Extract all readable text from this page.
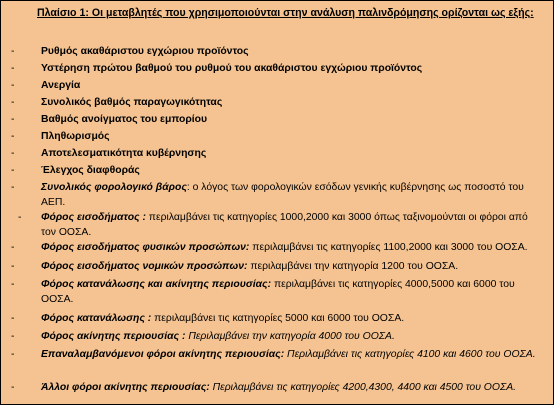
Πλαίσιο 1: Οι μεταβλητές που χρησιμοποιούνται στην ανάλυση παλινδρόμησης ορίζονται ως εξής:
-	Ρυθμός ακαθάριστου εγχώριου προϊόντος
-	Υστέρηση πρώτου βαθμού του ρυθμού του ακαθάριστου εγχώριου προϊόντος
-	Ανεργία
-	Συνολικός βαθμός παραγωγικότητας
-	Βαθμός ανοίγματος του εμπορίου
-	Πληθωρισμός
-	Αποτελεσματικότητα κυβέρνησης
-	Έλεγχος διαφθοράς
-	Συνολικός φορολογικό βάρος: ο λόγος των φορολογικών εσόδων γενικής κυβέρνησης ως ποσοστό του ΑΕΠ.
- Φόρος εισοδήματος : περιλαμβάνει τις κατηγορίες 1000,2000 και 3000 όπως ταξινομούνται οι φόροι από τον ΟΟΣΑ.
-	Φόρος εισοδήματος φυσικών προσώπων: περιλαμβάνει τις κατηγορίες 1100,2000 και 3000 του ΟΟΣΑ.
-	Φόρος εισοδήματος νομικών προσώπων: περιλαμβάνει την κατηγορία 1200 του ΟΟΣΑ.
-	Φόρος κατανάλωσης και ακίνητης περιουσίας: περιλαμβάνει τις κατηγορίες 4000,5000 και 6000 του ΟΟΣΑ.
-	Φόρος κατανάλωσης : περιλαμβάνει τις κατηγορίες 5000 και 6000 του ΟΟΣΑ.
-	Φόρος ακίνητης περιουσίας : Περιλαμβάνει την κατηγορία 4000 του ΟΟΣΑ.
-	Επαναλαμβανόμενοι φόροι ακίνητης περιουσίας: Περιλαμβάνει τις κατηγορίες 4100 και 4600 του ΟΟΣΑ.
-	Άλλοι φόροι ακίνητης περιουσίας: Περιλαμβάνει τις κατηγορίες 4200,4300, 4400 και 4500 του ΟΟΣΑ.
